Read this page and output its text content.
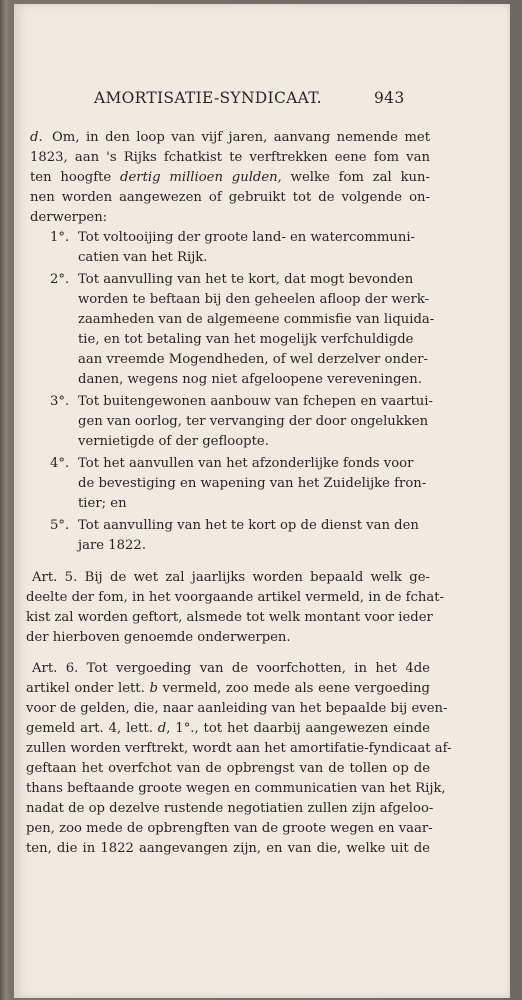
AMORTISATIE-SYNDICAAT.	943
d. Om, in den loop van vijf jaren, aanvang nemende met
1823, aan 's Rijks fchatkist te verftrekken eene fom van
ten hoogfte dertig millioen gulden, welke fom zal kun-
nen worden aangewezen of gebruikt tot de volgende on-
derwerpen:
1°. Tot voltooijing der groote land- en watercommuni-
catien van het Rijk.
2°. Tot aanvulling van het te kort, dat mogt bevonden
worden te beftaan bij den geheelen afloop der werk-
zaamheden van de algemeene commisfie van liquida-
tie, en tot betaling van het mogelijk verfchuldigde
aan vreemde Mogendheden, of wel derzelver onder-
danen, wegens nog niet afgeloopene vereveningen.
3°. Tot buitengewonen aanbouw van fchepen en vaartui-
gen van oorlog, ter vervanging der door ongelukken
vernietigde of der gefloopte.
4°. Tot het aanvullen van het afzonderlijke fonds voor
de bevestiging en wapening van het Zuidelijke fron-
tier; en
5°. Tot aanvulling van het te kort op de dienst van den
jare 1822.
Art. 5. Bij de wet zal jaarlijks worden bepaald welk ge-
deelte der fom, in het voorgaande artikel vermeld, in de fchat-
kist zal worden geftort, alsmede tot welk montant voor ieder
der hierboven genoemde onderwerpen.
Art. 6. Tot vergoeding van de voorfchotten, in het 4de
artikel onder lett. b vermeld, zoo mede als eene vergoeding
voor de gelden, die, naar aanleiding van het bepaalde bij even-
gemeld art. 4, lett. d, 1°., tot het daarbij aangewezen einde
zullen worden verftrekt, wordt aan het amortifatie-fyndicaat af-
geftaan het overfchot van de opbrengst van de tollen op de
thans beftaande groote wegen en communicatien van het Rijk,
nadat de op dezelve rustende negotiatien zullen zijn afgeloo-
pen, zoo mede de opbrengften van de groote wegen en vaar-
ten, die in 1822 aangevangen zijn, en van die, welke uit de
